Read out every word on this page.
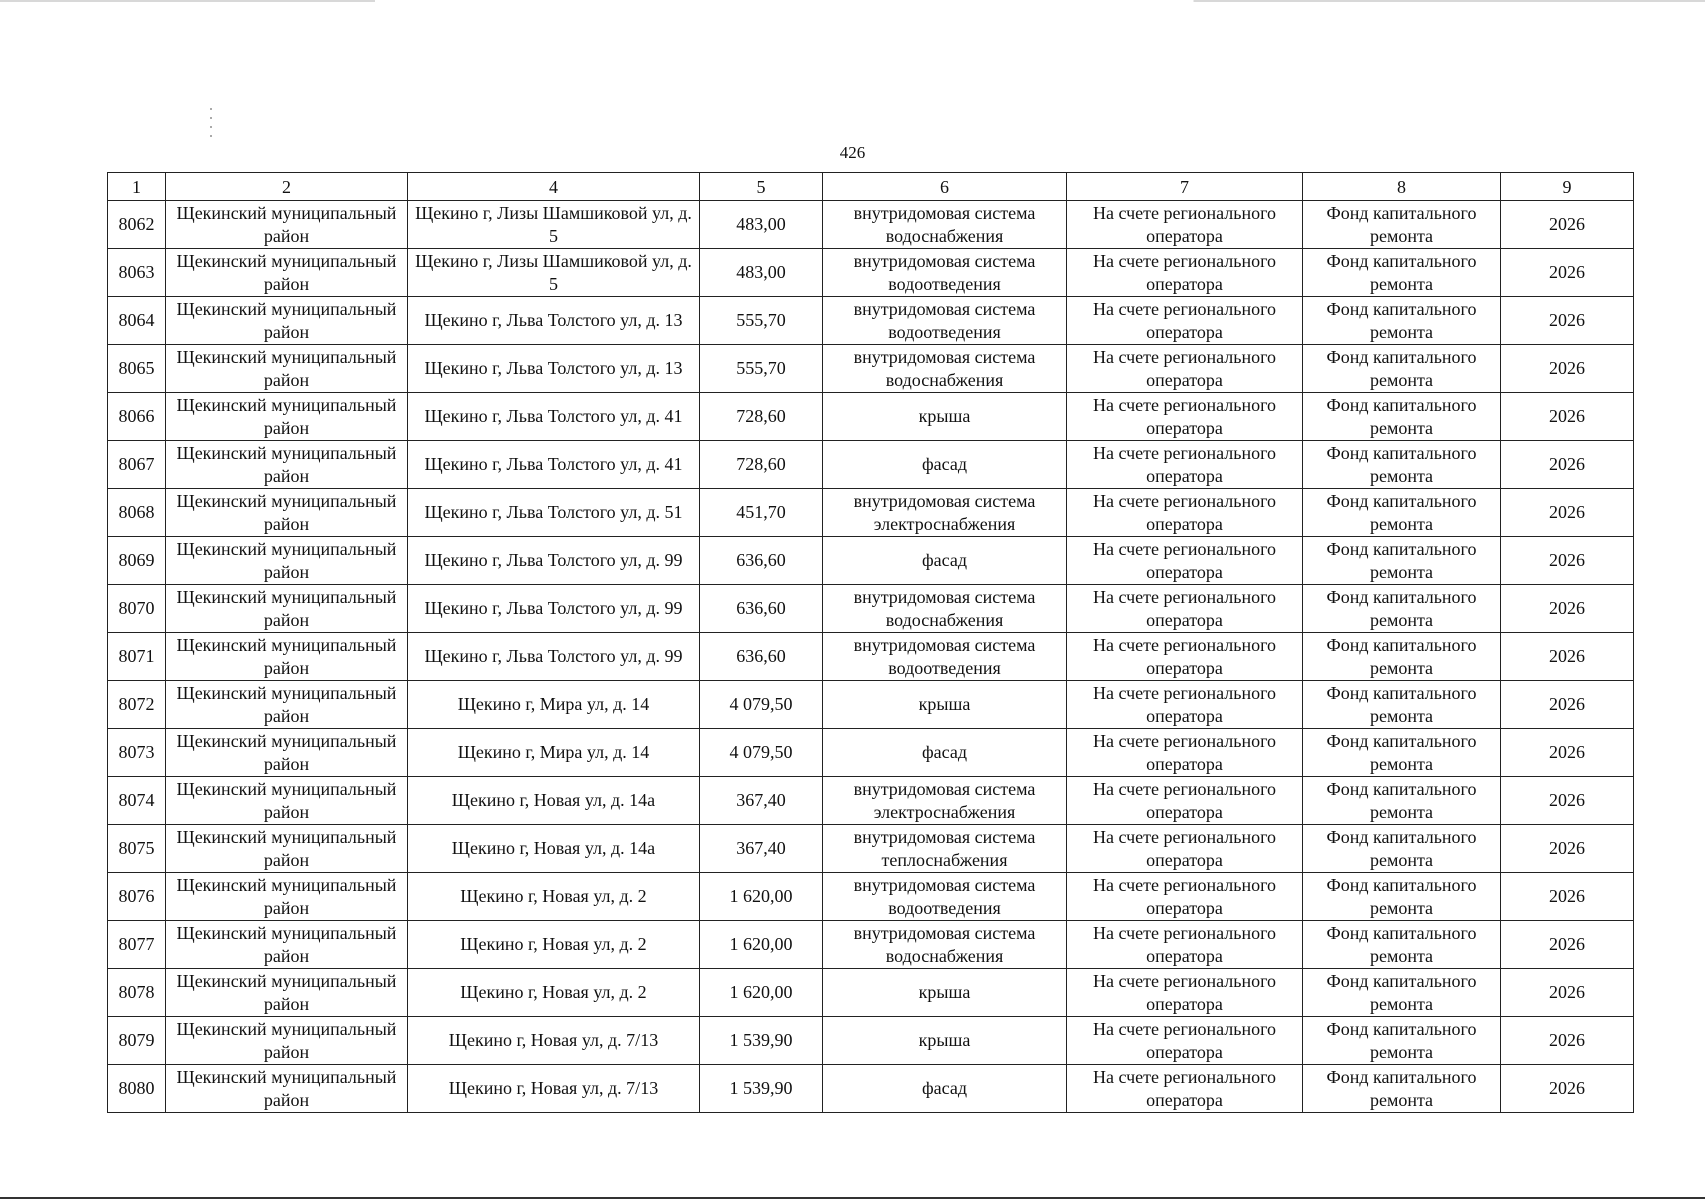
426
1	2	4	5	6	7	8	9
8062	Щекинский муниципальный район	Щекино г, Лизы Шамшиковой ул, д. 5	483,00	внутридомовая система водоснабжения	На счете регионального оператора	Фонд капитального ремонта	2026
8063	Щекинский муниципальный район	Щекино г, Лизы Шамшиковой ул, д. 5	483,00	внутридомовая система водоотведения	На счете регионального оператора	Фонд капитального ремонта	2026
8064	Щекинский муниципальный район	Щекино г, Льва Толстого ул, д. 13	555,70	внутридомовая система водоотведения	На счете регионального оператора	Фонд капитального ремонта	2026
8065	Щекинский муниципальный район	Щекино г, Льва Толстого ул, д. 13	555,70	внутридомовая система водоснабжения	На счете регионального оператора	Фонд капитального ремонта	2026
8066	Щекинский муниципальный район	Щекино г, Льва Толстого ул, д. 41	728,60	крыша	На счете регионального оператора	Фонд капитального ремонта	2026
8067	Щекинский муниципальный район	Щекино г, Льва Толстого ул, д. 41	728,60	фасад	На счете регионального оператора	Фонд капитального ремонта	2026
8068	Щекинский муниципальный район	Щекино г, Льва Толстого ул, д. 51	451,70	внутридомовая система электроснабжения	На счете регионального оператора	Фонд капитального ремонта	2026
8069	Щекинский муниципальный район	Щекино г, Льва Толстого ул, д. 99	636,60	фасад	На счете регионального оператора	Фонд капитального ремонта	2026
8070	Щекинский муниципальный район	Щекино г, Льва Толстого ул, д. 99	636,60	внутридомовая система водоснабжения	На счете регионального оператора	Фонд капитального ремонта	2026
8071	Щекинский муниципальный район	Щекино г, Льва Толстого ул, д. 99	636,60	внутридомовая система водоотведения	На счете регионального оператора	Фонд капитального ремонта	2026
8072	Щекинский муниципальный район	Щекино г, Мира ул, д. 14	4 079,50	крыша	На счете регионального оператора	Фонд капитального ремонта	2026
8073	Щекинский муниципальный район	Щекино г, Мира ул, д. 14	4 079,50	фасад	На счете регионального оператора	Фонд капитального ремонта	2026
8074	Щекинский муниципальный район	Щекино г, Новая ул, д. 14а	367,40	внутридомовая система электроснабжения	На счете регионального оператора	Фонд капитального ремонта	2026
8075	Щекинский муниципальный район	Щекино г, Новая ул, д. 14а	367,40	внутридомовая система теплоснабжения	На счете регионального оператора	Фонд капитального ремонта	2026
8076	Щекинский муниципальный район	Щекино г, Новая ул, д. 2	1 620,00	внутридомовая система водоотведения	На счете регионального оператора	Фонд капитального ремонта	2026
8077	Щекинский муниципальный район	Щекино г, Новая ул, д. 2	1 620,00	внутридомовая система водоснабжения	На счете регионального оператора	Фонд капитального ремонта	2026
8078	Щекинский муниципальный район	Щекино г, Новая ул, д. 2	1 620,00	крыша	На счете регионального оператора	Фонд капитального ремонта	2026
8079	Щекинский муниципальный район	Щекино г, Новая ул, д. 7/13	1 539,90	крыша	На счете регионального оператора	Фонд капитального ремонта	2026
8080	Щекинский муниципальный район	Щекино г, Новая ул, д. 7/13	1 539,90	фасад	На счете регионального оператора	Фонд капитального ремонта	2026
